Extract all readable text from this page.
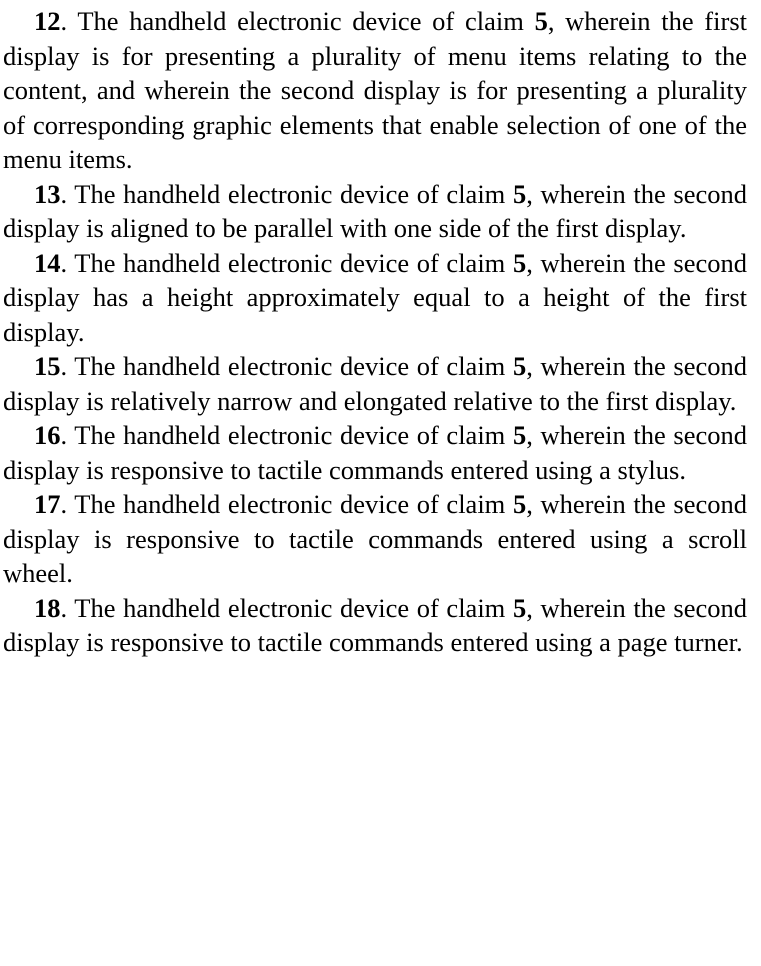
12. The handheld electronic device of claim 5, wherein the first display is for presenting a plurality of menu items relating to the content, and wherein the second display is for presenting a plurality of corresponding graphic elements that enable selection of one of the menu items.

13. The handheld electronic device of claim 5, wherein the second display is aligned to be parallel with one side of the first display.

14. The handheld electronic device of claim 5, wherein the second display has a height approximately equal to a height of the first display.

15. The handheld electronic device of claim 5, wherein the second display is relatively narrow and elongated relative to the first display.

16. The handheld electronic device of claim 5, wherein the second display is responsive to tactile commands entered using a stylus.

17. The handheld electronic device of claim 5, wherein the second display is responsive to tactile commands entered using a scroll wheel.

18. The handheld electronic device of claim 5, wherein the second display is responsive to tactile commands entered using a page turner.
